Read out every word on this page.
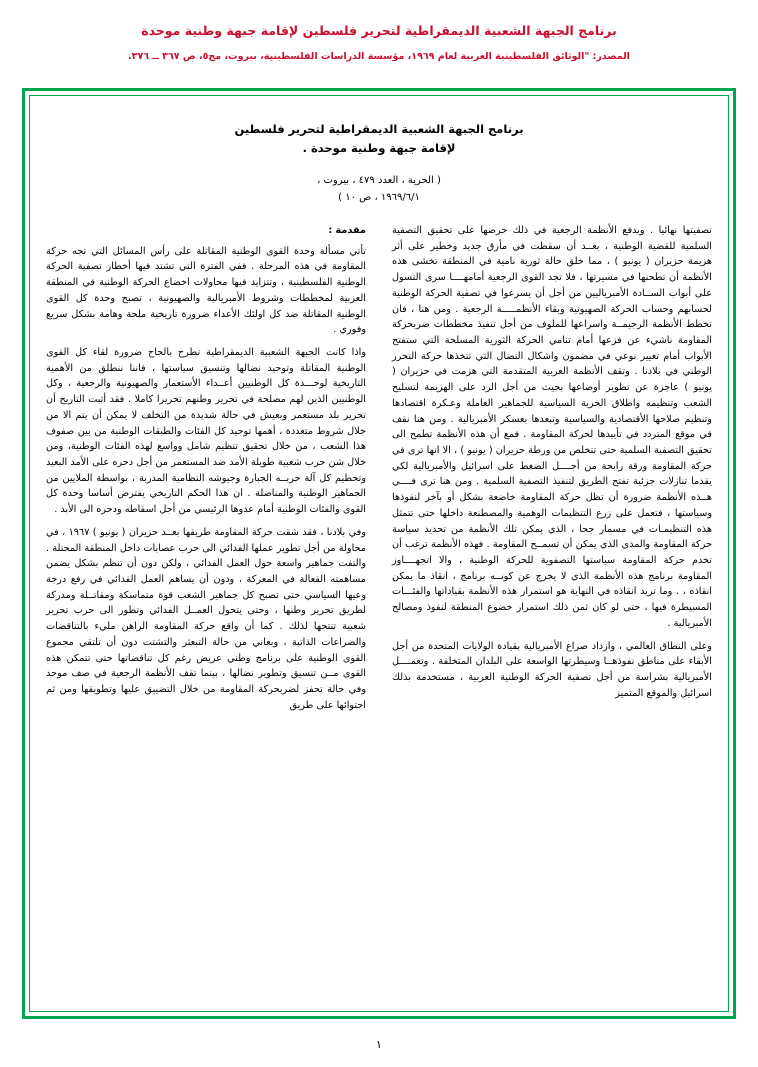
برنامج الجبهة الشعبية الديمقراطية لتحرير فلسطين لإقامة جبهة وطنية موحدة
المصدر: "الوثائق الفلسطينية العربية لعام ١٩٦٩، مؤسسة الدراسات الفلسطينية، بيروت، مج٥، ص ٣٦٧ ــ ٣٧٦.
برنامج الجبهة الشعبية الديمقراطية لتحرير فلسطين
لإقامة جبهة وطنية موحدة .
( الحرية ، العدد ٤٧٩ ، بيروت ،
١٩٦٩/٦/١ ، ص ١٠ )

تصفيتها نهائيا . ويدفع الأنظمة الرجعية في ذلك حرصها على تحقيق التصفية السلمية للقضية الوطنية ، بعــد أن سقطت في مأزق جديد وخطير على أثر هزيمة حزيران ( يونيو ) ، مما خلق حالة ثورية نامية في المنطقة تخشى هذه الأنظمة أن تطحنها في مسيرتها ، فلا تجد القوى الرجعية أمامهــــا سرى التسول على أبواب الســادة الأمبرياليين من أجل أن يسرعوا في تصفية الحركة الوطنية لحسابهم وحساب الحركة الصهيونية وبقاء الأنظمـــــة الرجعية . ومن هنا ، فان تخطط الأنظمة الرجيمــة واسراعها للملوف من أجل تنفيذ مخططات ضربحركة المقاومة ناشيء عن فزعها أمام تنامي الحركة الثورية المسلحة التي ستفتح الأبواب أمام تغيير نوعي في مضمون واشكال النضال التي تتخذها حركة التحرر الوطني في بلادنا . وتقف الأنظمة العربية المتقدمة التي هزمت في حزيران ( يونيو ) عاجزة عن تطوير أوضاعها بحيث من أجل الرد على الهزيمة لتسليح الشعب وتنظيمه واطلاق الحرية السياسية للجماهير العاملة وعـكرة اقتصادها وتنظيم صلاحها الأقتصادية والسياسية وتبعدها بعسكر الأمبريالية . ومن هنا نقف في موقع المتردد في تأييدها لحركة المقاومة . فمع أن هذه الأنظمة تطمح الى تحقيق التصفية السلمية حتى تتخلص من ورطة حزيران ( يونيو ) ، الا انها ترى في حركة المقاومة ورقة رابحة من أجــــل الضغط على اسرائيل والأمبريالية لكي يقدما تنازلات جزئية تفتح الطريق لتنفيذ التصفية السلمية . ومن هنا ترى فــــي هــذه الأنظمة ضرورة أن تظل حركة المقاومة خاضعة بشكل أو بآخر لنفوذها وسياستها ، فتعمل على زرع التنظيمات الوهمية والمصطنعة داخلها حتى تتمثل هذه التنظيمـات في مسمار جحا ، الذي يمكن تلك الأنظمة من تحديد سياسة حركة المقاومة والمدى الذي يمكن أن تسمــح المقاومة . فهذه الأنظمة ترغب أن تخدم حركة المقاومة سياستها التصفوية للحركة الوطنية ، والا اتجهــــاوز المقاومة برنامج هذه الأنظمة الذي لا يخرج عن كونــه برنامج ، انقاذ ما يمكن انقاذه ، . وما تريد انقاذه في النهاية هو استمرار هذه الأنظمة بقياداتها والفئـــات المسيطرة فيها ، حتى لو كان ثمن ذلك استمرار خضوع المنطقة لنفوذ ومصالح الأمبريالية .

وعلى النطاق العالمي ، وازداد صراع الأمبريالية بقيادة الولايات المتحدة من أجل الأبقاء على مناطق نفوذهــا وسيطرتها الواسعة على البلدان المتخلفة . وتعمــــل الأمبريالية بشراسة من أجل تصفية الحركة الوطنية العربية ، مستخدمة بذلك اسرائيل والموقع المتميز

مقدمة :

تأتي مسألة وحدة القوى الوطنية المقاتلة على رأس المسائل التي تجه حركة المقاومة في هذه المرحلة . ففي الفترة التي تشتد فيها أخطار تصفية الحركة الوطنية الفلسطينية ، وتتزايد فيها محاولات اخضاع الحركة الوطنية في المنطقة العربية لمخططات وشروط الأمبريالية والصهيونية ، تصبح وحدة كل القوى الوطنية المقاتلة ضد كل اولئك الأعداء ضرورة تاريخية ملحة وهامة بشكل سريع وفوري .

واذا كانت الجبهة الشعبية الديمقراطية تطرح بالحاح ضرورة لقاء كل القوى الوطنية المقاتلة وتوحيد نضالها وتنسيق سياستها ، فاننا ننطلق من الأهمية التاريخية لوحـــدة كل الوطنيين أعــداء الأستعمار والصهيونية والرجعية ، وكل الوطنيين الذين لهم مصلحة في تحرير وطنهم تحريرا كاملا . فقد أثبت التاريخ أن تحرير بلد مستعمر وبعيش في حالة شديدة من التخلف لا يمكن أن يتم الا من خلال شروط متعددة ، أهمها توحيد كل الفئات والطبقات الوطنية من بين صفوف هذا الشعب ، من خلال تحقيق تنظيم شامل وواسع لهذه الفئات الوطنية، ومن خلال شن حرب شعبية طويلة الأمد ضد المستعمر من أجل دحره على الأمد البعيد وتحطيم كل آلة حربــه الجبارة وجيوشه النظامية المدربة ، بواسطة الملايين من الجماهير الوطنية والمناضلة . ان هذا الحكم التاريخي يفترض أساسا وحدة كل القوى والفئات الوطنية أمام عدوها الرئيسي من أجل اسقاطه ودحره الى الأبد .

وفي بلادنا ، فقد شقت حركة المقاومة طريقها بعــد حزيران ( يونيو ) ١٩٦٧ ، في محاولة من أجل تطوير عملها الفدائي الى حرب عصابات داخل المنطقة المحتلة . والتفت جماهير واسعة حول العمل الفدائي ، ولكن دون أن تنظم بشكل يضمن مساهمته الفعالة في المعركة ، ودون أن يساهم العمل الفدائي في رفع درجة وعيها السياسي حتى تصبح كل جماهير الشعب قوة متماسكة ومقاتــلة ومدركة لطريق تحرير وطنها ، وحتى يتحول العمــل الفدائي وتطور الى حرب تحرير شعبية تنتجها لذلك . كما أن واقع حركة المقاومة الراهن مليء بالتناقضات والصراعات الذاتية ، وبعاني من حالة التبعثر والتشتت دون أن تلتقي مجموع القوى الوطنية على برنامج وطني عريض رغم كل تناقضاتها حتى تتمكن هذه القوى مــن تنسيق وتطوير نضالها ، بينما تقف الأنظمة الرجعية في صف موحد وفي حالة تحفز لضربحركة المقاومة من خلال التضييق عليها وتطويقها ومن ثم احتوائها على طريق

١
